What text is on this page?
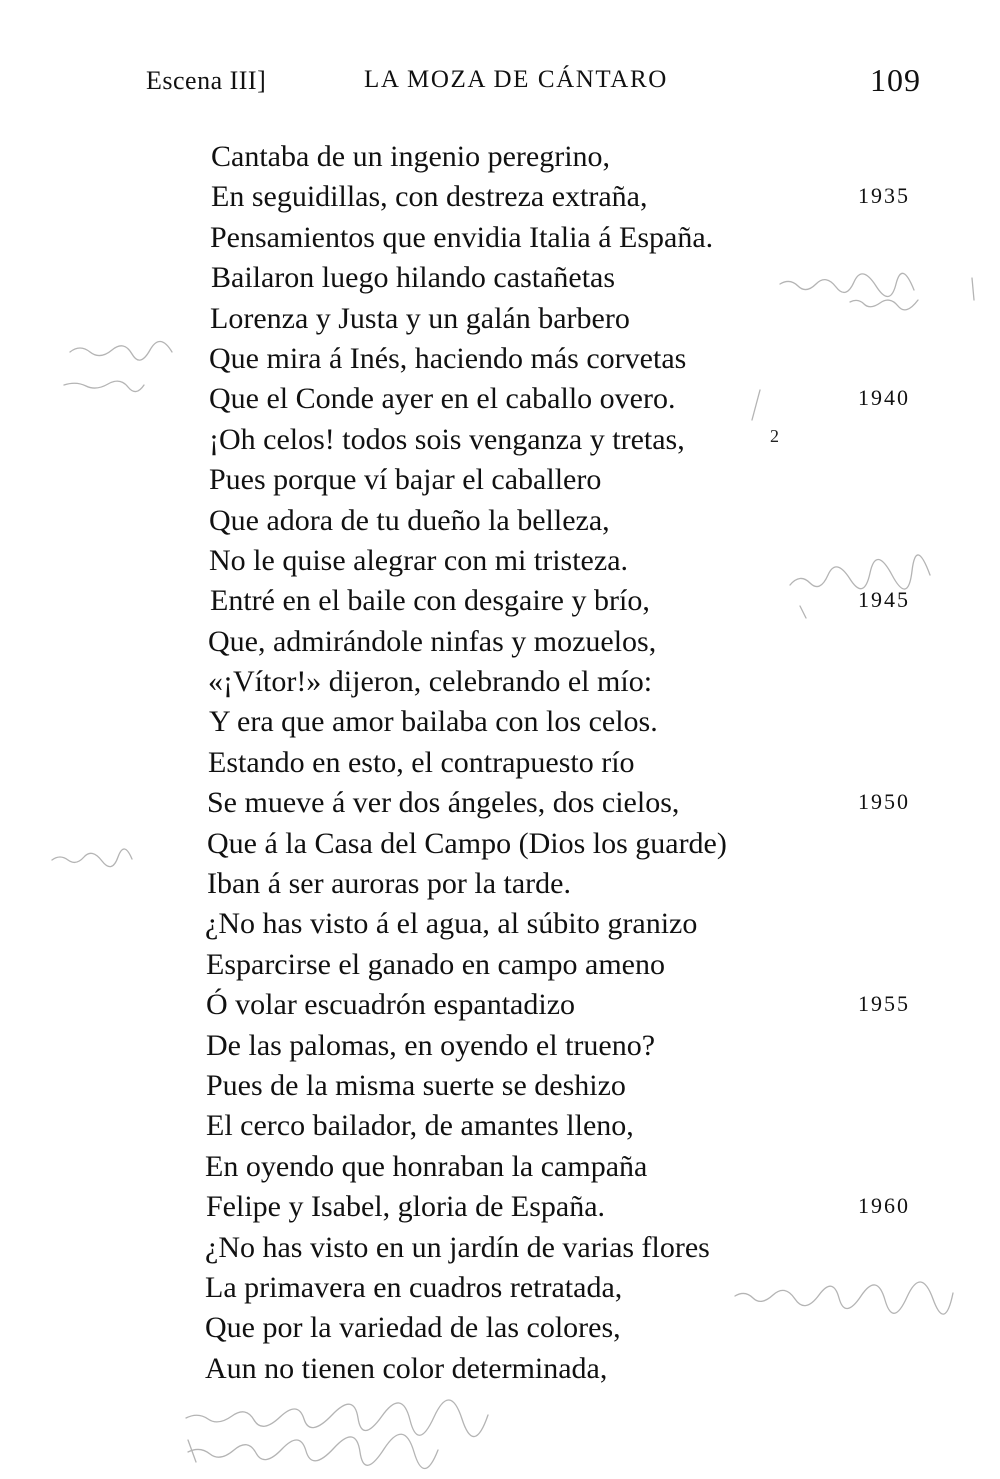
Escena III]	LA MOZA DE CÁNTARO	109
Cantaba de un ingenio peregrino,
En seguidillas, con destreza extraña,	1935
Pensamientos que envidia Italia á España.
Bailaron luego hilando castañetas
Lorenza y Justa y un galán barbero
Que mira á Inés, haciendo más corvetas
Que el Conde ayer en el caballo overo.	1940
¡Oh celos! todos sois venganza y tretas,
Pues porque ví bajar el caballero
Que adora de tu dueño la belleza,
No le quise alegrar con mi tristeza.
Entré en el baile con desgaire y brío,	1945
Que, admirándole ninfas y mozuelos,
«¡Vítor!» dijeron, celebrando el mío:
Y era que amor bailaba con los celos.
Estando en esto, el contrapuesto río
Se mueve á ver dos ángeles, dos cielos,	1950
Que á la Casa del Campo (Dios los guarde)
Iban á ser auroras por la tarde.
¿No has visto á el agua, al súbito granizo
Esparcirse el ganado en campo ameno
Ó volar escuadrón espantadizo	1955
De las palomas, en oyendo el trueno?
Pues de la misma suerte se deshizo
El cerco bailador, de amantes lleno,
En oyendo que honraban la campaña
Felipe y Isabel, gloria de España.	1960
¿No has visto en un jardín de varias flores
La primavera en cuadros retratada,
Que por la variedad de las colores,
Aun no tienen color determinada,
2
